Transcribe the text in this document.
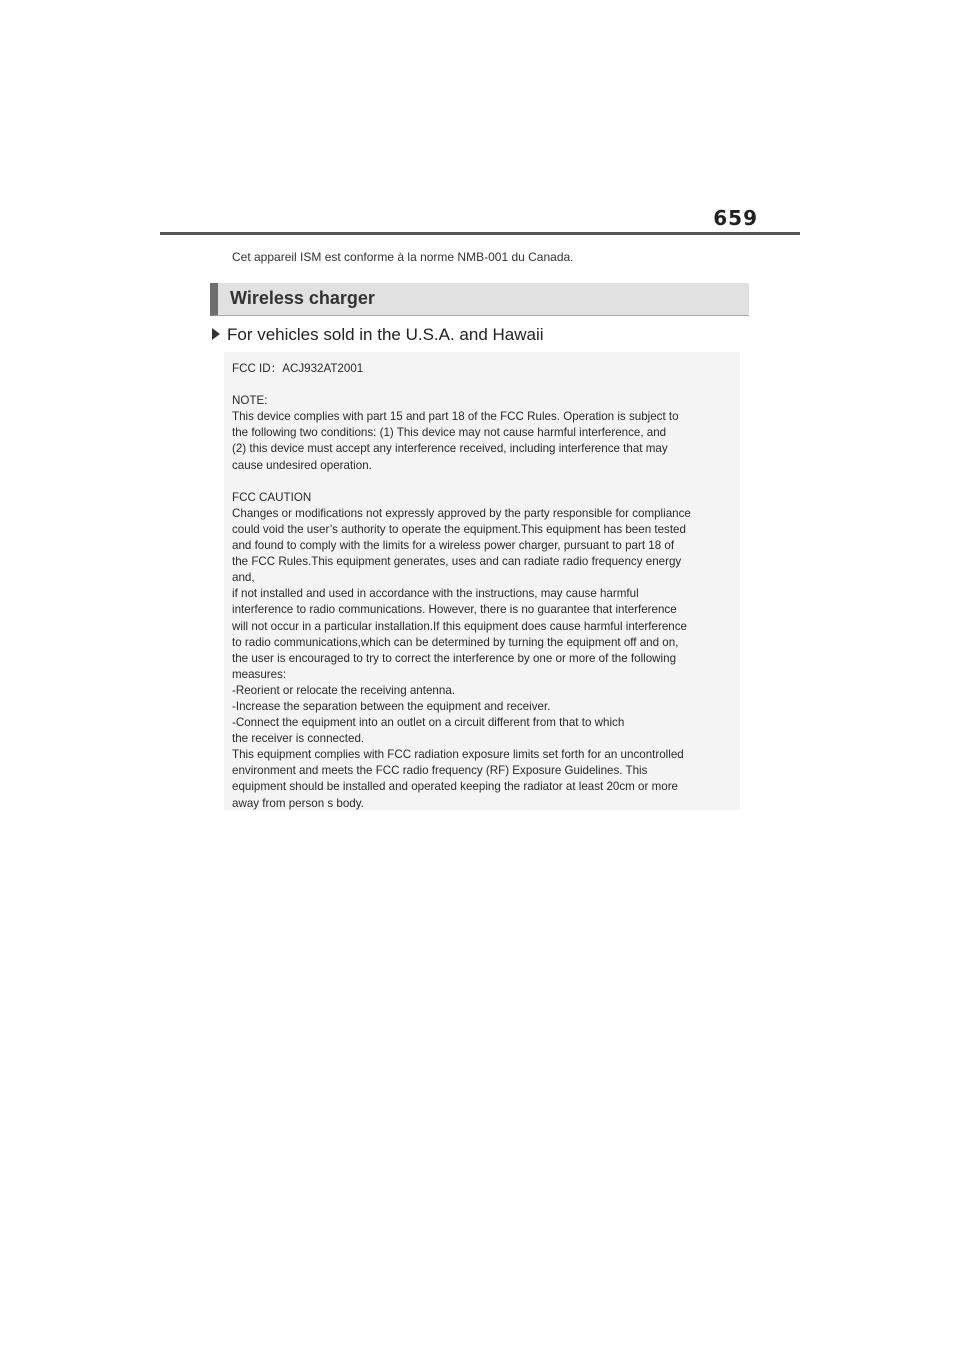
659
Cet appareil ISM est conforme à la norme NMB-001 du Canada.
Wireless charger
For vehicles sold in the U.S.A. and Hawaii
FCC ID：ACJ932AT2001
NOTE:
This device complies with part 15 and part 18 of the FCC Rules. Operation is subject to
the following two conditions: (1) This device may not cause harmful interference, and
(2) this device must accept any interference received, including interference that may
cause undesired operation.
FCC CAUTION
Changes or modifications not expressly approved by the party responsible for compliance
could void the user’s authority to operate the equipment.This equipment has been tested
and found to comply with the limits for a wireless power charger, pursuant to part 18 of
the FCC Rules.This equipment generates, uses and can radiate radio frequency energy
and,
if not installed and used in accordance with the instructions, may cause harmful
interference to radio communications. However, there is no guarantee that interference
will not occur in a particular installation.If this equipment does cause harmful interference
to radio communications,which can be determined by turning the equipment off and on,
the user is encouraged to try to correct the interference by one or more of the following
measures:
-Reorient or relocate the receiving antenna.
-Increase the separation between the equipment and receiver.
-Connect the equipment into an outlet on a circuit different from that to which
the receiver is connected.
This equipment complies with FCC radiation exposure limits set forth for an uncontrolled
environment and meets the FCC radio frequency (RF) Exposure Guidelines. This
equipment should be installed and operated keeping the radiator at least 20cm or more
away from person s body.
